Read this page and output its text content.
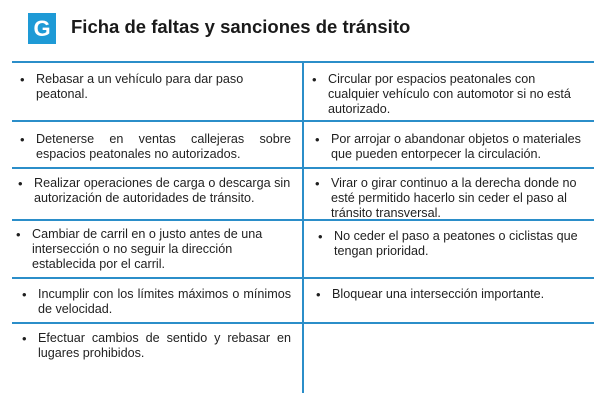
G Ficha de faltas y sanciones de tránsito
• Rebasar a un vehículo para dar paso peatonal.
• Circular por espacios peatonales con cualquier vehículo con automotor si no está autorizado.
• Detenerse en ventas callejeras sobre espacios peatonales no autorizados.
• Por arrojar o abandonar objetos o materiales que pueden entorpecer la circulación.
• Realizar operaciones de carga o descarga sin autorización de autoridades de tránsito.
• Virar o girar continuo a la derecha donde no esté permitido hacerlo sin ceder el paso al tránsito transversal.
• Cambiar de carril en o justo antes de una intersección o no seguir la dirección establecida por el carril.
• No ceder el paso a peatones o ciclistas que tengan prioridad.
• Incumplir con los límites máximos o mínimos de velocidad.
• Bloquear una intersección importante.
• Efectuar cambios de sentido y rebasar en lugares prohibidos.
